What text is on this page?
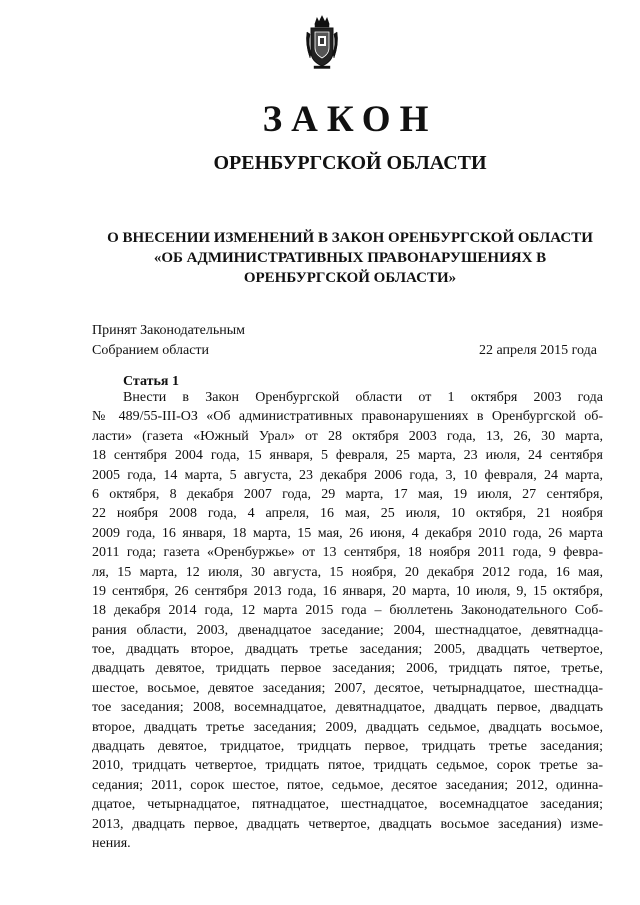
ЗАКОН
ОРЕНБУРГСКОЙ ОБЛАСТИ
О ВНЕСЕНИИ ИЗМЕНЕНИЙ В ЗАКОН ОРЕНБУРГСКОЙ ОБЛАСТИ
«ОБ АДМИНИСТРАТИВНЫХ ПРАВОНАРУШЕНИЯХ В
ОРЕНБУРГСКОЙ ОБЛАСТИ»
Принят Законодательным
Собранием области	22 апреля 2015 года
Статья 1
Внести в Закон Оренбургской области от 1 октября 2003 года
№ 489/55-III-ОЗ «Об административных правонарушениях в Оренбургской об-
ласти» (газета «Южный Урал» от 28 октября 2003 года, 13, 26, 30 марта,
18 сентября 2004 года, 15 января, 5 февраля, 25 марта, 23 июля, 24 сентября
2005 года, 14 марта, 5 августа, 23 декабря 2006 года, 3, 10 февраля, 24 марта,
6 октября, 8 декабря 2007 года, 29 марта, 17 мая, 19 июля, 27 сентября,
22 ноября 2008 года, 4 апреля, 16 мая, 25 июля, 10 октября, 21 ноября
2009 года, 16 января, 18 марта, 15 мая, 26 июня, 4 декабря 2010 года, 26 марта
2011 года; газета «Оренбуржье» от 13 сентября, 18 ноября 2011 года, 9 февра-
ля, 15 марта, 12 июля, 30 августа, 15 ноября, 20 декабря 2012 года, 16 мая,
19 сентября, 26 сентября 2013 года, 16 января, 20 марта, 10 июля, 9, 15 октября,
18 декабря 2014 года, 12 марта 2015 года – бюллетень Законодательного Соб-
рания области, 2003, двенадцатое заседание; 2004, шестнадцатое, девятнадца-
тое, двадцать второе, двадцать третье заседания; 2005, двадцать четвертое,
двадцать девятое, тридцать первое заседания; 2006, тридцать пятое, третье,
шестое, восьмое, девятое заседания; 2007, десятое, четырнадцатое, шестнадца-
тое заседания; 2008, восемнадцатое, девятнадцатое, двадцать первое, двадцать
второе, двадцать третье заседания; 2009, двадцать седьмое, двадцать восьмое,
двадцать девятое, тридцатое, тридцать первое, тридцать третье заседания;
2010, тридцать четвертое, тридцать пятое, тридцать седьмое, сорок третье за-
седания; 2011, сорок шестое, пятое, седьмое, десятое заседания; 2012, одинна-
дцатое, четырнадцатое, пятнадцатое, шестнадцатое, восемнадцатое заседания;
2013, двадцать первое, двадцать четвертое, двадцать восьмое заседания) изме-
нения.
